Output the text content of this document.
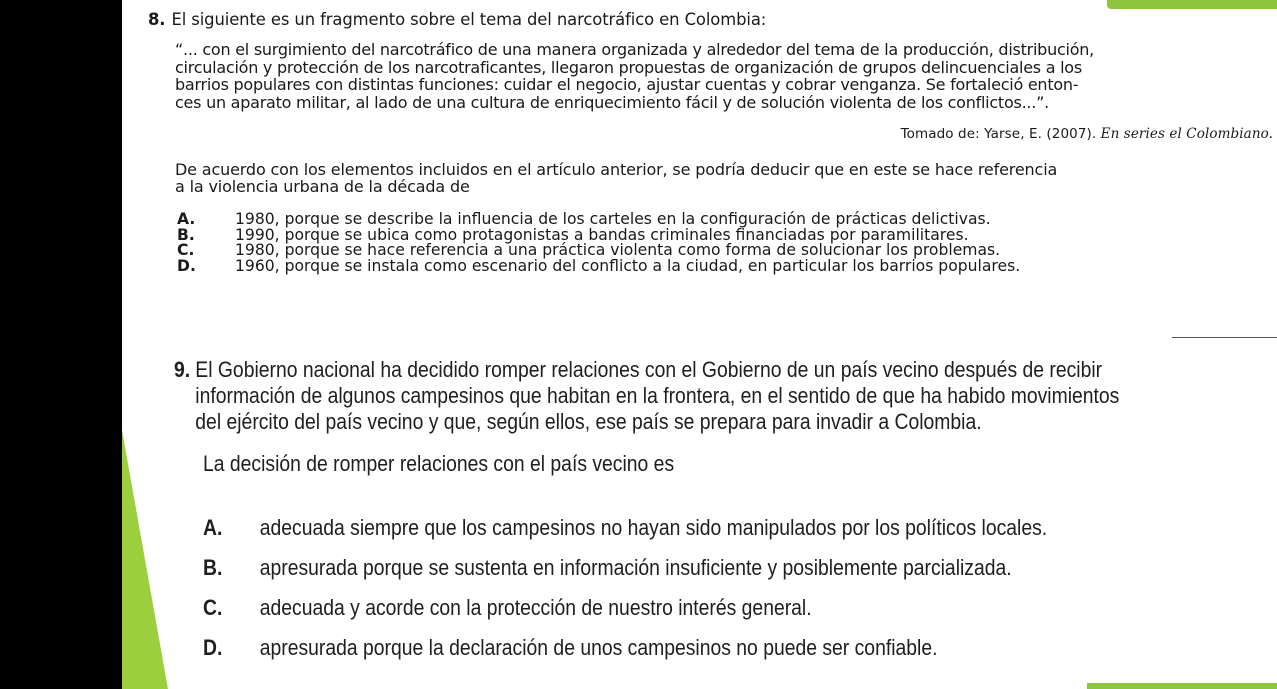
8. El siguiente es un fragmento sobre el tema del narcotráfico en Colombia:
“... con el surgimiento del narcotráfico de una manera organizada y alrededor del tema de la producción, distribución,
circulación y protección de los narcotraficantes, llegaron propuestas de organización de grupos delincuenciales a los
barrios populares con distintas funciones: cuidar el negocio, ajustar cuentas y cobrar venganza. Se fortaleció enton-
ces un aparato militar, al lado de una cultura de enriquecimiento fácil y de solución violenta de los conflictos...”.
Tomado de: Yarse, E. (2007). En series el Colombiano.
De acuerdo con los elementos incluidos en el artículo anterior, se podría deducir que en este se hace referencia
a la violencia urbana de la década de
A.	1980, porque se describe la influencia de los carteles en la configuración de prácticas delictivas.
B.	1990, porque se ubica como protagonistas a bandas criminales financiadas por paramilitares.
C.	1980, porque se hace referencia a una práctica violenta como forma de solucionar los problemas.
D.	1960, porque se instala como escenario del conflicto a la ciudad, en particular los barrios populares.
9. El Gobierno nacional ha decidido romper relaciones con el Gobierno de un país vecino después de recibir
información de algunos campesinos que habitan en la frontera, en el sentido de que ha habido movimientos
del ejército del país vecino y que, según ellos, ese país se prepara para invadir a Colombia.
La decisión de romper relaciones con el país vecino es
A.	adecuada siempre que los campesinos no hayan sido manipulados por los políticos locales.
B.	apresurada porque se sustenta en información insuficiente y posiblemente parcializada.
C.	adecuada y acorde con la protección de nuestro interés general.
D.	apresurada porque la declaración de unos campesinos no puede ser confiable.
